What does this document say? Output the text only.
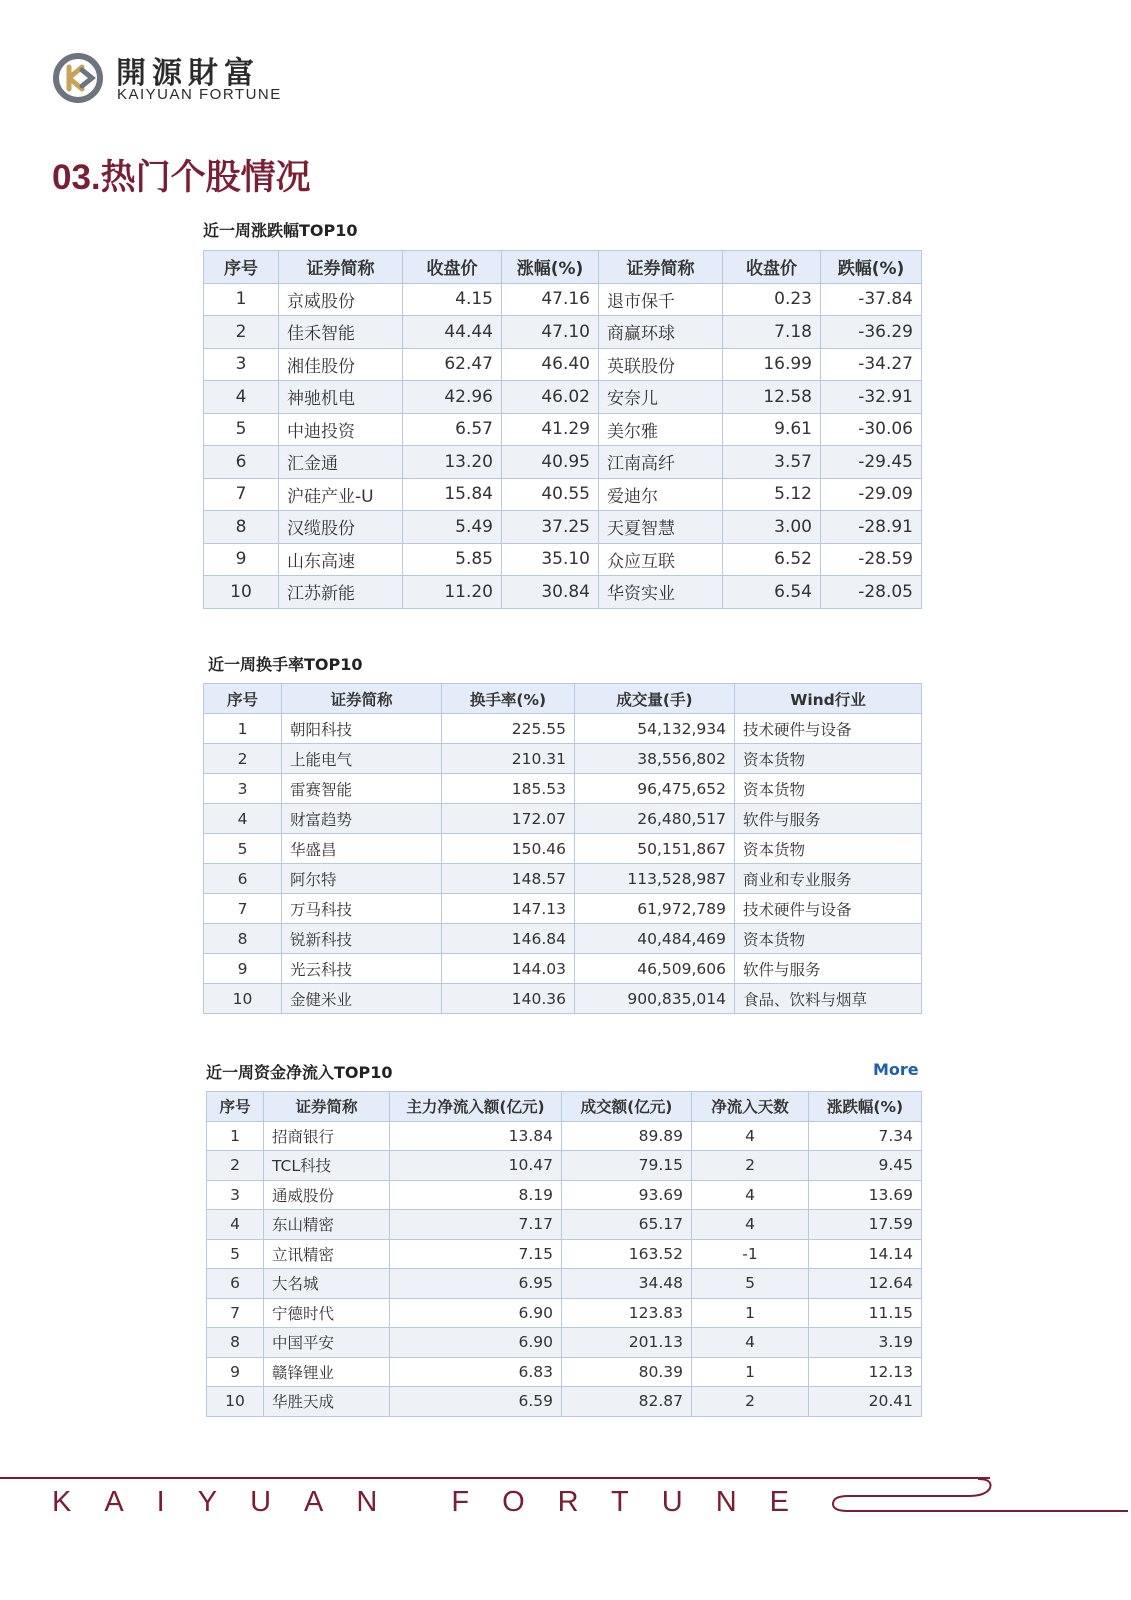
開源財富
KAIYUAN FORTUNE
03.热门个股情况
近一周涨跌幅TOP10
序号	证券简称	收盘价	涨幅(%)	证券简称	收盘价	跌幅(%)
1	京威股份	4.15	47.16	退市保千	0.23	-37.84
2	佳禾智能	44.44	47.10	商赢环球	7.18	-36.29
3	湘佳股份	62.47	46.40	英联股份	16.99	-34.27
4	神驰机电	42.96	46.02	安奈儿	12.58	-32.91
5	中迪投资	6.57	41.29	美尔雅	9.61	-30.06
6	汇金通	13.20	40.95	江南高纤	3.57	-29.45
7	沪硅产业-U	15.84	40.55	爱迪尔	5.12	-29.09
8	汉缆股份	5.49	37.25	天夏智慧	3.00	-28.91
9	山东高速	5.85	35.10	众应互联	6.52	-28.59
10	江苏新能	11.20	30.84	华资实业	6.54	-28.05
近一周换手率TOP10
序号	证券简称	换手率(%)	成交量(手)	Wind行业
1	朝阳科技	225.55	54,132,934	技术硬件与设备
2	上能电气	210.31	38,556,802	资本货物
3	雷赛智能	185.53	96,475,652	资本货物
4	财富趋势	172.07	26,480,517	软件与服务
5	华盛昌	150.46	50,151,867	资本货物
6	阿尔特	148.57	113,528,987	商业和专业服务
7	万马科技	147.13	61,972,789	技术硬件与设备
8	锐新科技	146.84	40,484,469	资本货物
9	光云科技	144.03	46,509,606	软件与服务
10	金健米业	140.36	900,835,014	食品、饮料与烟草
近一周资金净流入TOP10	More
序号	证券简称	主力净流入额(亿元)	成交额(亿元)	净流入天数	涨跌幅(%)
1	招商银行	13.84	89.89	4	7.34
2	TCL科技	10.47	79.15	2	9.45
3	通威股份	8.19	93.69	4	13.69
4	东山精密	7.17	65.17	4	17.59
5	立讯精密	7.15	163.52	-1	14.14
6	大名城	6.95	34.48	5	12.64
7	宁德时代	6.90	123.83	1	11.15
8	中国平安	6.90	201.13	4	3.19
9	赣锋锂业	6.83	80.39	1	12.13
10	华胜天成	6.59	82.87	2	20.41
KAIYUAN FORTUNE
